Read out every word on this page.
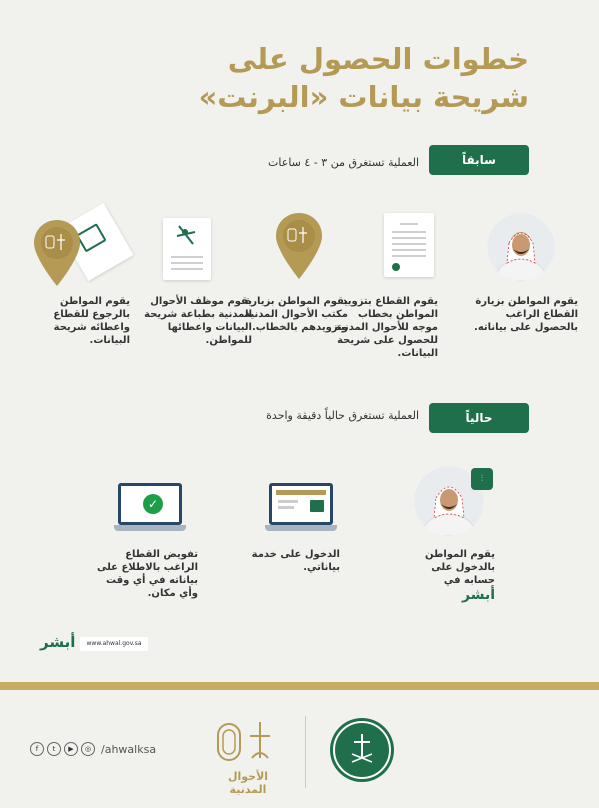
خطوات الحصول على
شريحة بيانات «البرنت»
سابقاً
العملية تستغرق من ٣ - ٤ ساعات
يقوم المواطن بزيارة القطاع الراغب بالحصول على بياناته.
يقوم القطاع بتزويد المواطن بخطاب موجه للأحوال المدنية للحصول على شريحة البيانات.
يقوم المواطن بزيارة مكتب الأحوال المدنية وتزويدهم بالخطاب.
يقوم موظف الأحوال المدنية بطباعة شريحة البيانات واعطائها للمواطن.
يقوم المواطن بالرجوع للقطاع واعطائه شريحة البيانات.
حالياً
العملية تستغرق حالياً دقيقة واحدة
⫶
يقوم المواطن بالدخول على حسابه في
أبشر
الدخول على خدمة بياناتي.
✓
تفويض القطاع الراغب بالاطلاع على بياناته في أي وقت وأي مكان.
أبشر	www.ahwal.gov.sa
f	t	▶	◎ /ahwalksa
الأحوال المدنية
